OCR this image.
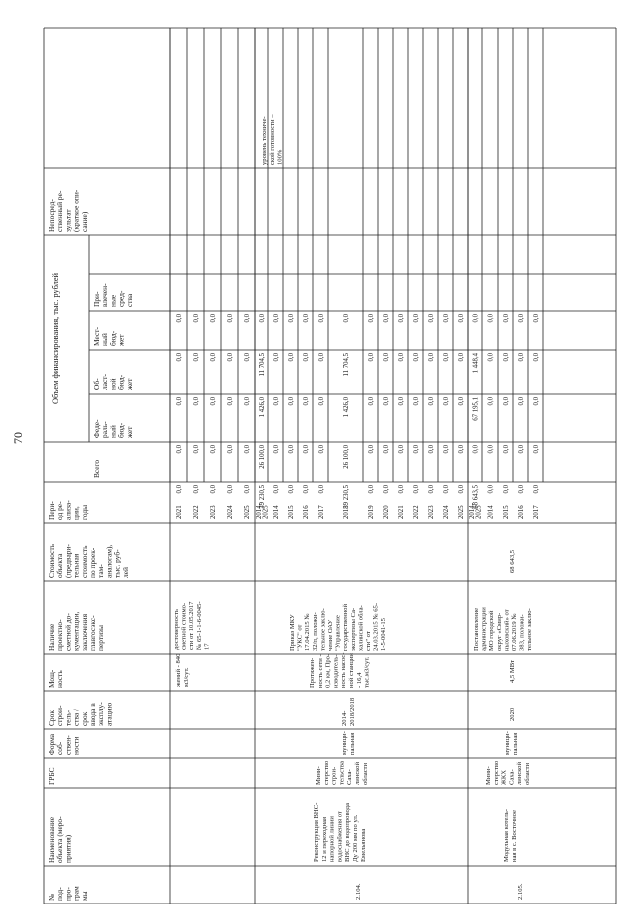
70
№под-про-граммы
Наименованиеобъекта (меро-приятия)
ГРБС
Формасоб-ствен-ности
Срокстрои-тель-ства /срокввода вэксплу-атацию
Мощ-ность
Наличиепроектно-сметной до-кументации,заключенияглавгосэкс-пертизы
Стоимостьобъекта(предвари-тельнаястоимостьпо проек-там-аналогам),тыс. руб-лей
Пери-од ре-ализа-ции,годы
Непосред-ственный ре-зультат(краткое опи-сание)
Объем финансирования, тыс. рублей
Всего
Феде-раль-ныйбюд-жет
Об-ласт-нойбюд-жет
Мест-ныйбюд-жет
При-влечен-ныесред-ства
2021
0,0
0,0
0,0
0,0
0,0
2022
0,0
0,0
0,0
0,0
0,0
2023
0,0
0,0
0,0
0,0
0,0
2024
0,0
0,0
0,0
0,0
0,0
2025
0,0
0,0
0,0
0,0
0,0
жений - 840м3/сут.
достоверностьсметной стоимо-сти от 10.05.2017№ 65-1-1-6-0045-17
2014-2025
39 230,5
26 100,0
1 426,0
11 704,5
0,0
2014
0,0
0,0
0,0
0,0
0,0
2015
0,0
0,0
0,0
0,0
0,0
2016
0,0
0,0
0,0
0,0
0,0
2017
0,0
0,0
0,0
0,0
0,0
2018
39 230,5
26 100,0
1 426,0
11 704,5
0,0
2019
0,0
0,0
0,0
0,0
0,0
2020
0,0
0,0
0,0
0,0
0,0
2021
0,0
0,0
0,0
0,0
0,0
2022
0,0
0,0
0,0
0,0
0,0
2023
0,0
0,0
0,0
0,0
0,0
2024
0,0
0,0
0,0
0,0
0,0
2025
0,0
0,0
0,0
0,0
0,0
2.104.
Реконструкция ВНС-12 и переходнаянапорной линииводоснабжения отВНС до водопроводаДу 200 мм по ул.Емельянова
Мини-стерствострои-тельстваСаха-линскойобласти
муници-пальная
2014-2018/2018
Протяжен-ность сети -0,2 км, Про-изводитель-ность насос-ной станции- 16,4тыс.м3/сут.
Приказ МКУ"УКС" от17.04.2015 №32/п, положи-тельное заклю-чение ОАУ"Управлениегосударственнойэкспертизы Са-халинской обла-сти" от24.03.2015 № 65-1-5-0041-15
уровень техниче-ской готовности –100%
2014-2025
68 643,5
0,0
67 195,1
1 448,4
0,0
2014
0,0
0,0
0,0
0,0
0,0
2015
0,0
0,0
0,0
0,0
0,0
2016
0,0
0,0
0,0
0,0
0,0
2017
0,0
0,0
0,0
0,0
0,0
2.105.
Модульная котель-ная в с. Восточное
Мини-стерствоЖКХСаха-линскойобласти
муници-пальная
2020
4,5 МВт
ПостановлениеадминистрацииМО городскойокруг «Смир-ныховский» от07.06.2019 №383, положи-тельное заклю-
68 643,5
